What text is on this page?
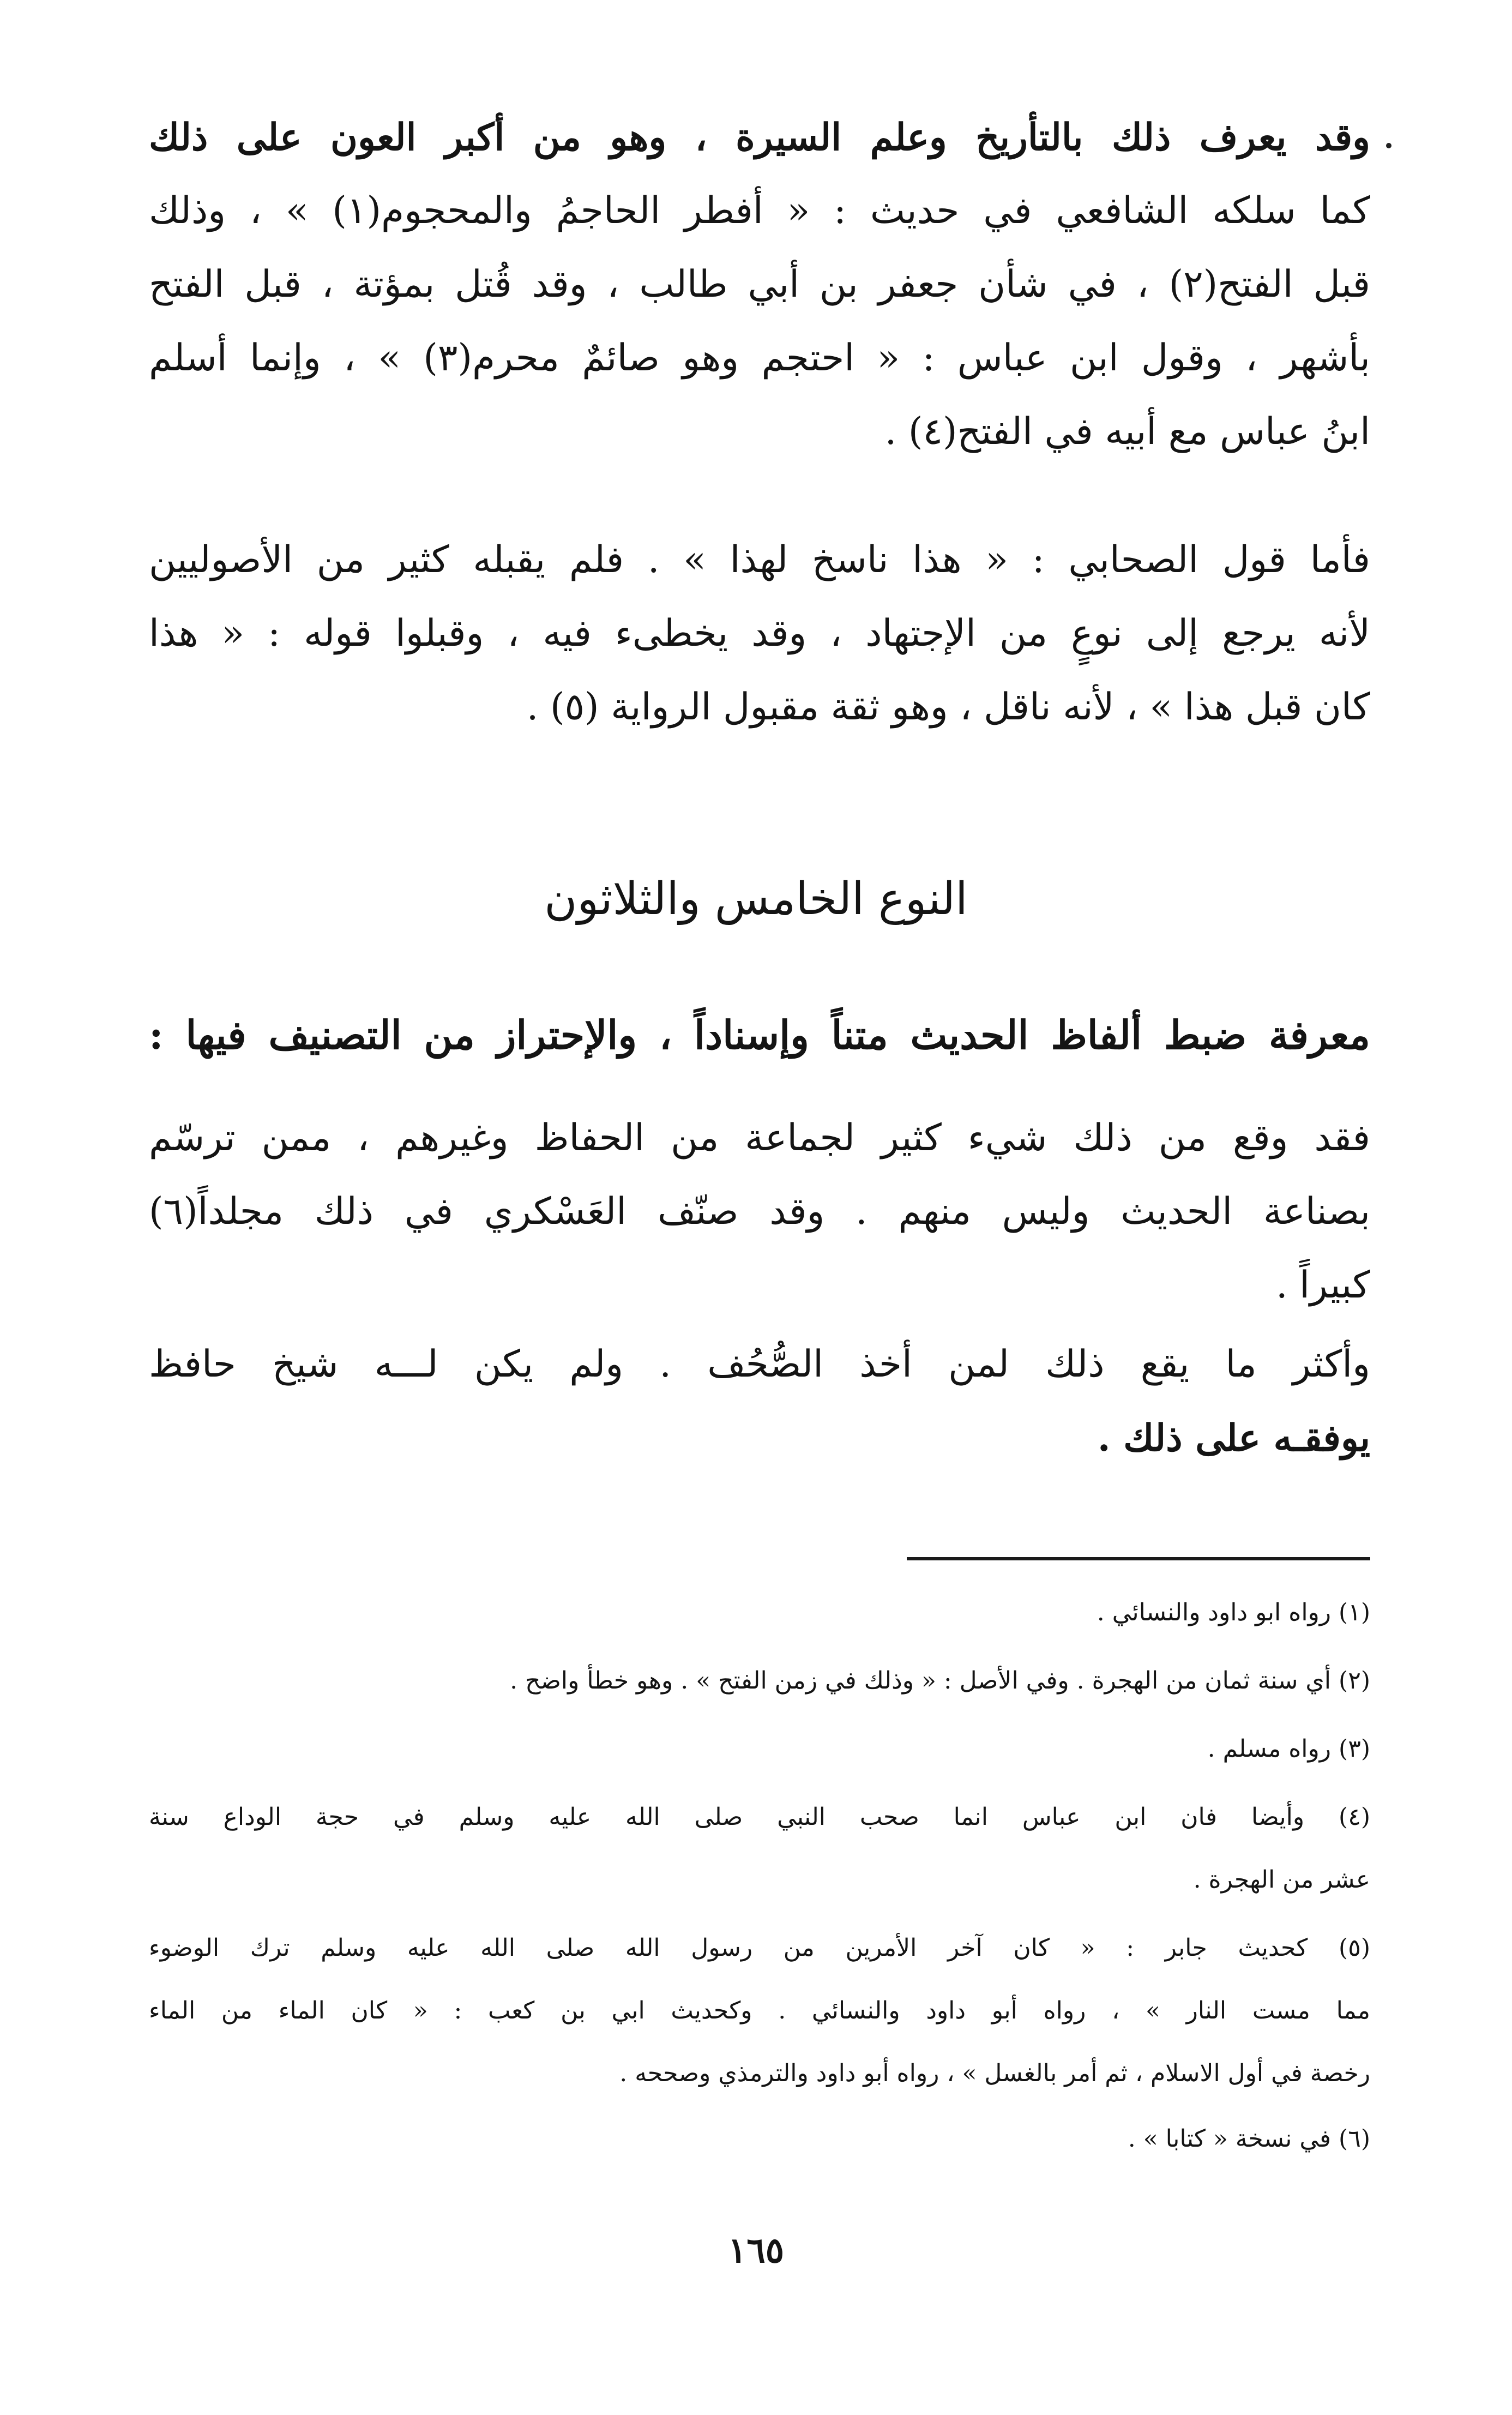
وقد يعرف ذلك بالتأريخ وعلم السيرة ، وهو من أكبر العون على ذلك
كما سلكه الشافعي في حديث : « أفطر الحاجمُ والمحجوم(١) » ، وذلك
قبل الفتح(٢) ، في شأن جعفر بن أبي طالب ، وقد قُتل بمؤتة ، قبل الفتح
بأشهر ، وقول ابن عباس : « احتجم وهو صائمٌ محرم(٣) » ، وإنما أسلم
ابنُ عباس مع أبيه في الفتح(٤) .
فأما قول الصحابي : « هذا ناسخ لهذا » . فلم يقبله كثير من الأصوليين
لأنه يرجع إلى نوعٍ من الإجتهاد ، وقد يخطىء فيه ، وقبلوا قوله : « هذا
كان قبل هذا » ، لأنه ناقل ، وهو ثقة مقبول الرواية (٥) .
النوع الخامس والثلاثون
معرفة ضبط ألفاظ الحديث متناً وإسناداً ، والإحتراز من التصنيف فيها :
فقد وقع من ذلك شيء كثير لجماعة من الحفاظ وغيرهم ، ممن ترسّم
بصناعة الحديث وليس منهم . وقد صنّف العَسْكري في ذلك مجلداً(٦)
كبيراً .
وأكثر ما يقع ذلك لمن أخذ الصُّحُف . ولم يكن لـــه شيخ حافظ
يوفقـه على ذلك .
(١) رواه ابو داود والنسائي .
(٢) أي سنة ثمان من الهجرة . وفي الأصل : « وذلك في زمن الفتح » . وهو خطأ واضح .
(٣) رواه مسلم .
(٤) وأيضا فان ابن عباس انما صحب النبي صلى الله عليه وسلم في حجة الوداع سنة
عشر من الهجرة .
(٥) كحديث جابر : « كان آخر الأمرين من رسول الله صلى الله عليه وسلم ترك الوضوء
مما مست النار » ، رواه أبو داود والنسائي . وكحديث ابي بن كعب : « كان الماء من الماء
رخصة في أول الاسلام ، ثم أمر بالغسل » ، رواه أبو داود والترمذي وصححه .
(٦) في نسخة « كتابا » .
١٦٥
